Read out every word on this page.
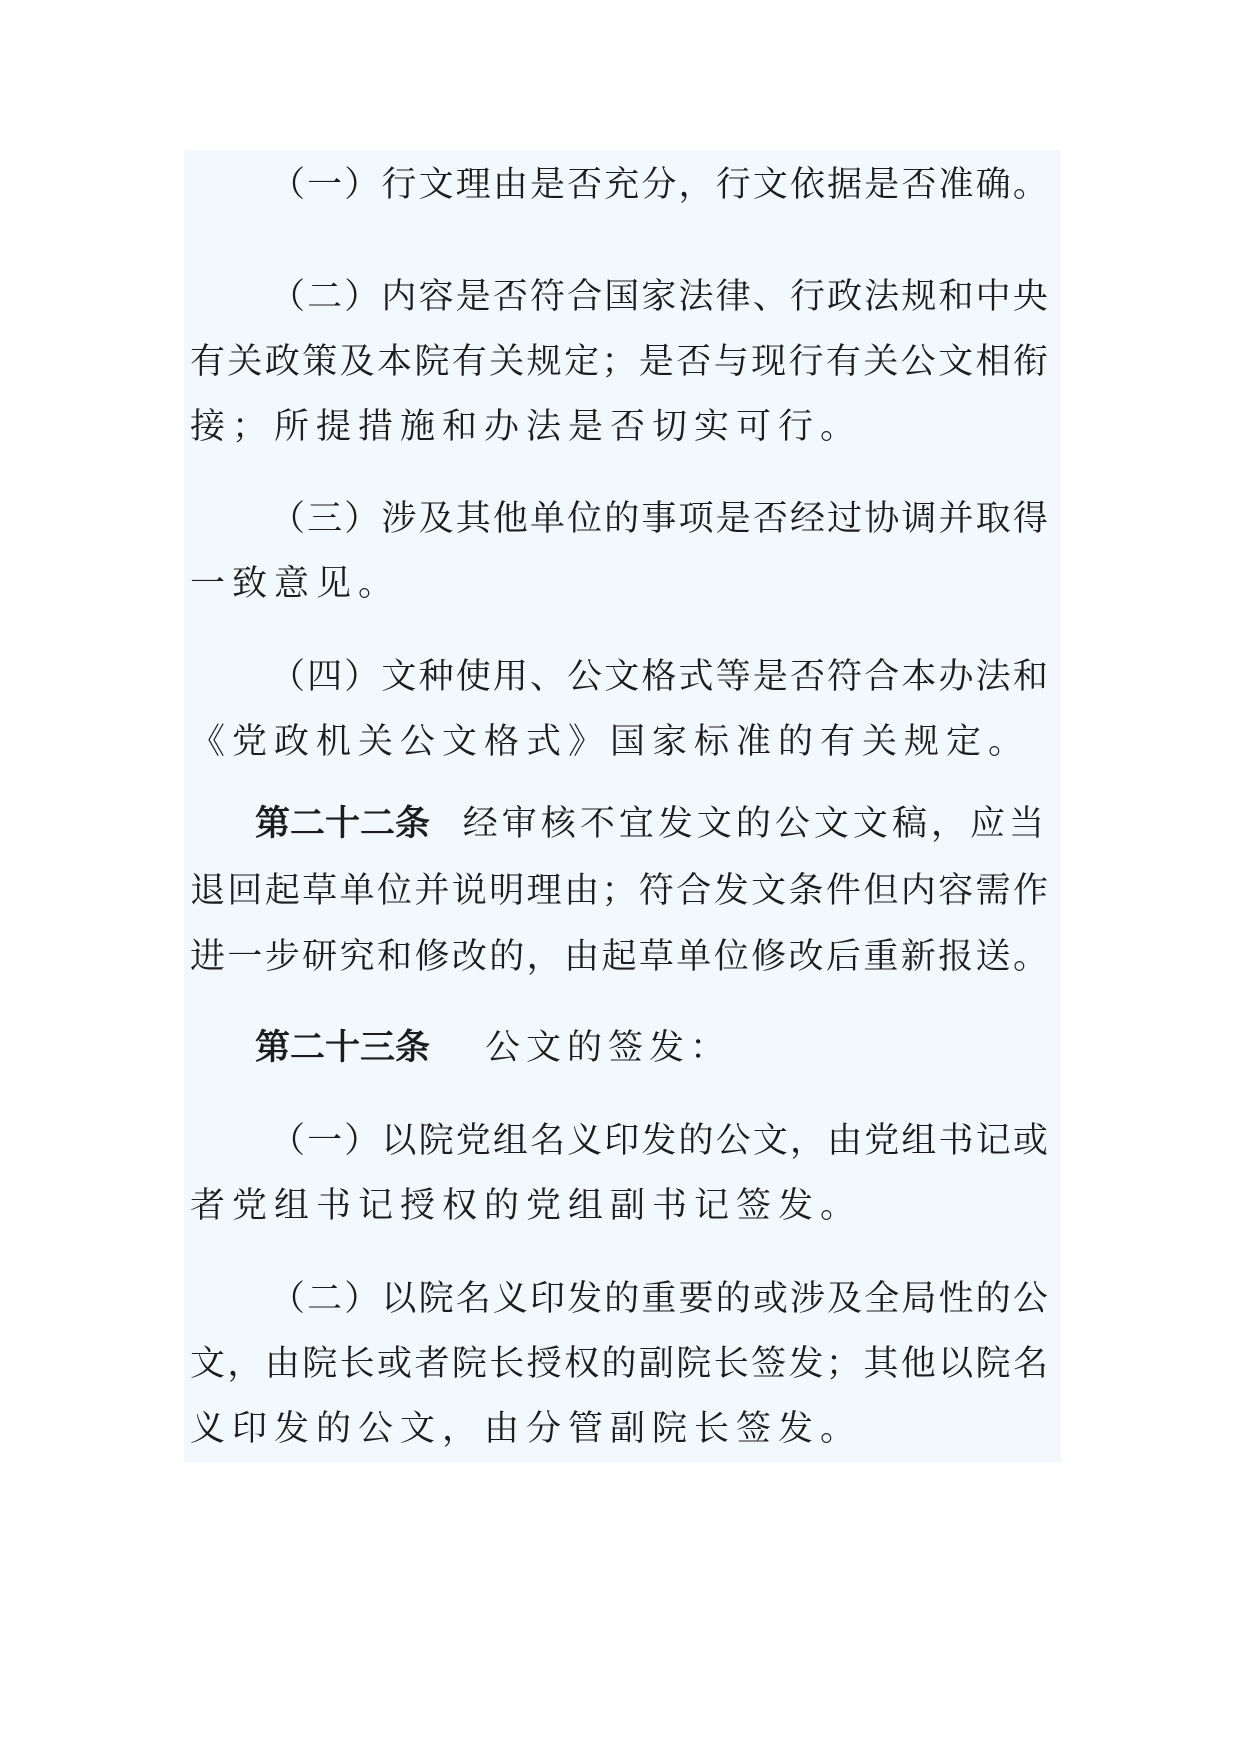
（ 一 ） 行 文 理 由 是 否 充 分 ， 行 文 依 据 是 否 准 确 。
（ 二 ） 内 容 是 否 符 合 国 家 法 律 、 行 政 法 规 和 中 央
有 关 政 策 及 本 院 有 关 规 定 ； 是 否 与 现 行 有 关 公 文 相 衔
接；所提措施和办法是否切实可行。
（ 三 ） 涉 及 其 他 单 位 的 事 项 是 否 经 过 协 调 并 取 得
一致意见。
（ 四 ） 文 种 使 用 、 公 文 格 式 等 是 否 符 合 本 办 法 和
《党政机关公文格式》国家标准的有关规定。
第二十二条 经 审 核 不 宜 发 文 的 公 文 文 稿 ， 应 当
退 回 起 草 单 位 并 说 明 理 由 ； 符 合 发 文 条 件 但 内 容 需 作
进 一 步 研 究 和 修 改 的 ， 由 起 草 单 位 修 改 后 重 新 报 送 。
第二十三条	公文的签发：
（ 一 ） 以 院 党 组 名 义 印 发 的 公 文 ， 由 党 组 书 记 或
者党组书记授权的党组副书记签发。
（ 二 ） 以 院 名 义 印 发 的 重 要 的 或 涉 及 全 局 性 的 公
文 ， 由 院 长 或 者 院 长 授 权 的 副 院 长 签 发 ； 其 他 以 院 名
义印发的公文，由分管副院长签发。
